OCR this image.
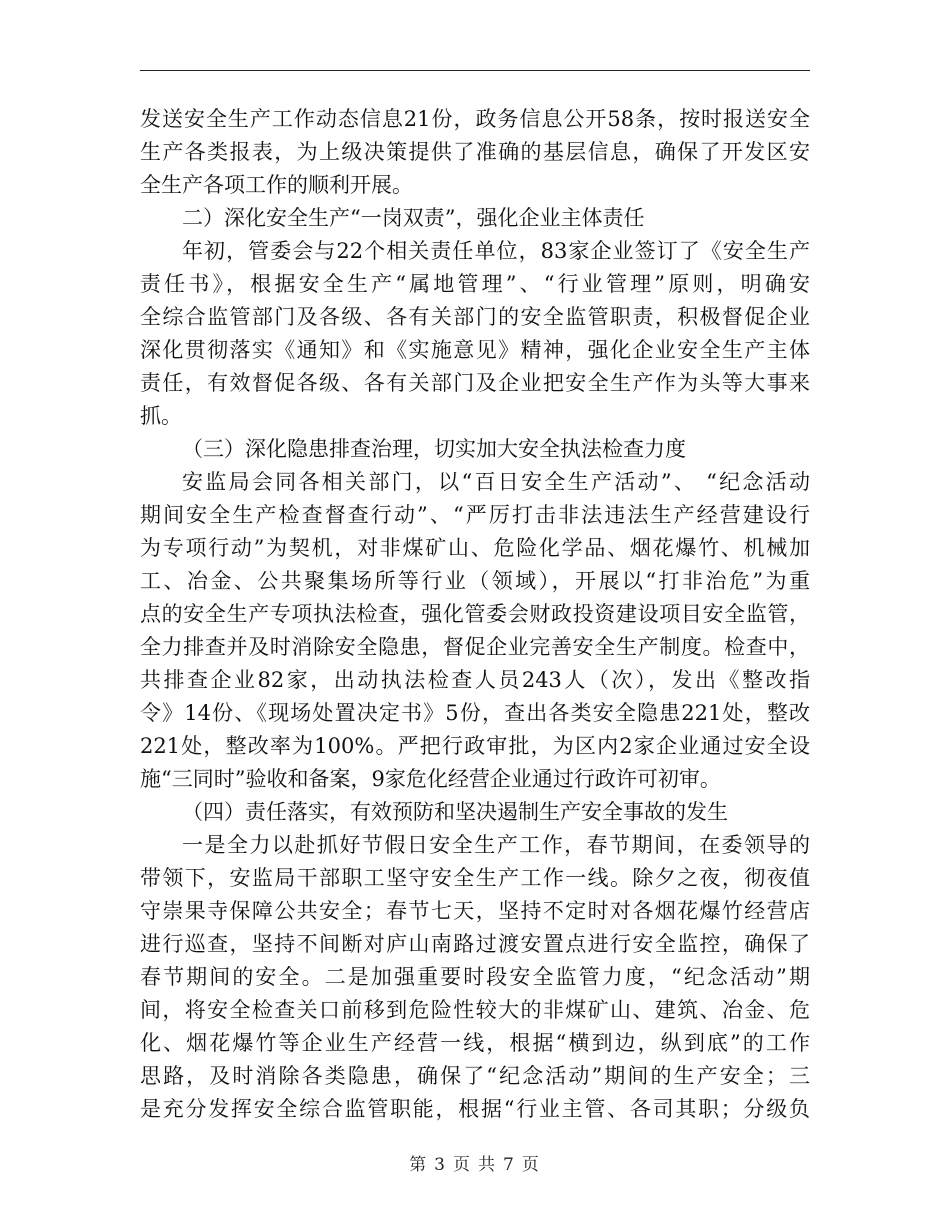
发送安全生产工作动态信息21份，政务信息公开58条，按时报送安全
生产各类报表，为上级决策提供了准确的基层信息，确保了开发区安
全生产各项工作的顺利开展。
二）深化安全生产“一岗双责”，强化企业主体责任
年初，管委会与22个相关责任单位，83家企业签订了《安全生产
责任书》，根据安全生产“属地管理”、“行业管理”原则，明确安
全综合监管部门及各级、各有关部门的安全监管职责，积极督促企业
深化贯彻落实《通知》和《实施意见》精神，强化企业安全生产主体
责任，有效督促各级、各有关部门及企业把安全生产作为头等大事来
抓。
（三）深化隐患排查治理，切实加大安全执法检查力度
安监局会同各相关部门，以“百日安全生产活动”、 “纪念活动
期间安全生产检查督查行动”、“严厉打击非法违法生产经营建设行
为专项行动”为契机，对非煤矿山、危险化学品、烟花爆竹、机械加
工、冶金、公共聚集场所等行业（领域），开展以“打非治危”为重
点的安全生产专项执法检查，强化管委会财政投资建设项目安全监管，
全力排查并及时消除安全隐患，督促企业完善安全生产制度。检查中，
共排查企业82家，出动执法检查人员243人（次），发出《整改指
令》14份、《现场处置决定书》5份，查出各类安全隐患221处，整改
221处，整改率为100%。严把行政审批，为区内2家企业通过安全设
施“三同时”验收和备案，9家危化经营企业通过行政许可初审。
（四）责任落实，有效预防和坚决遏制生产安全事故的发生
一是全力以赴抓好节假日安全生产工作，春节期间，在委领导的
带领下，安监局干部职工坚守安全生产工作一线。除夕之夜，彻夜值
守崇果寺保障公共安全；春节七天，坚持不定时对各烟花爆竹经营店
进行巡查，坚持不间断对庐山南路过渡安置点进行安全监控，确保了
春节期间的安全。二是加强重要时段安全监管力度，“纪念活动”期
间，将安全检查关口前移到危险性较大的非煤矿山、建筑、冶金、危
化、烟花爆竹等企业生产经营一线，根据“横到边，纵到底”的工作
思路，及时消除各类隐患，确保了“纪念活动”期间的生产安全；三
是充分发挥安全综合监管职能，根据“行业主管、各司其职；分级负
第 3 页 共 7 页
